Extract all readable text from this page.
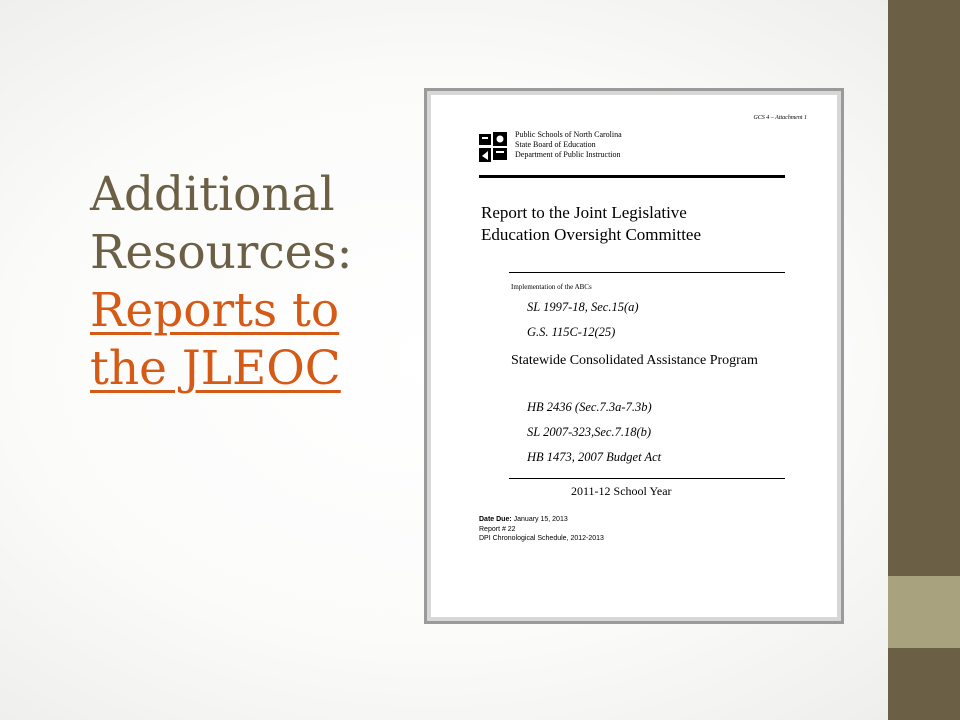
Additional
Resources:
Reports to the JLEOC
GCS 4 – Attachment 1
Public Schools of North Carolina
State Board of Education
Department of Public Instruction
Report to the Joint Legislative
Education Oversight Committee
Implementation of the ABCs
SL 1997-18, Sec.15(a)
G.S. 115C-12(25)
Statewide Consolidated Assistance Program
HB 2436 (Sec.7.3a-7.3b)
SL 2007-323,Sec.7.18(b)
HB 1473, 2007 Budget Act
2011-12 School Year
Date Due: January 15, 2013
Report # 22
DPI Chronological Schedule, 2012-2013
